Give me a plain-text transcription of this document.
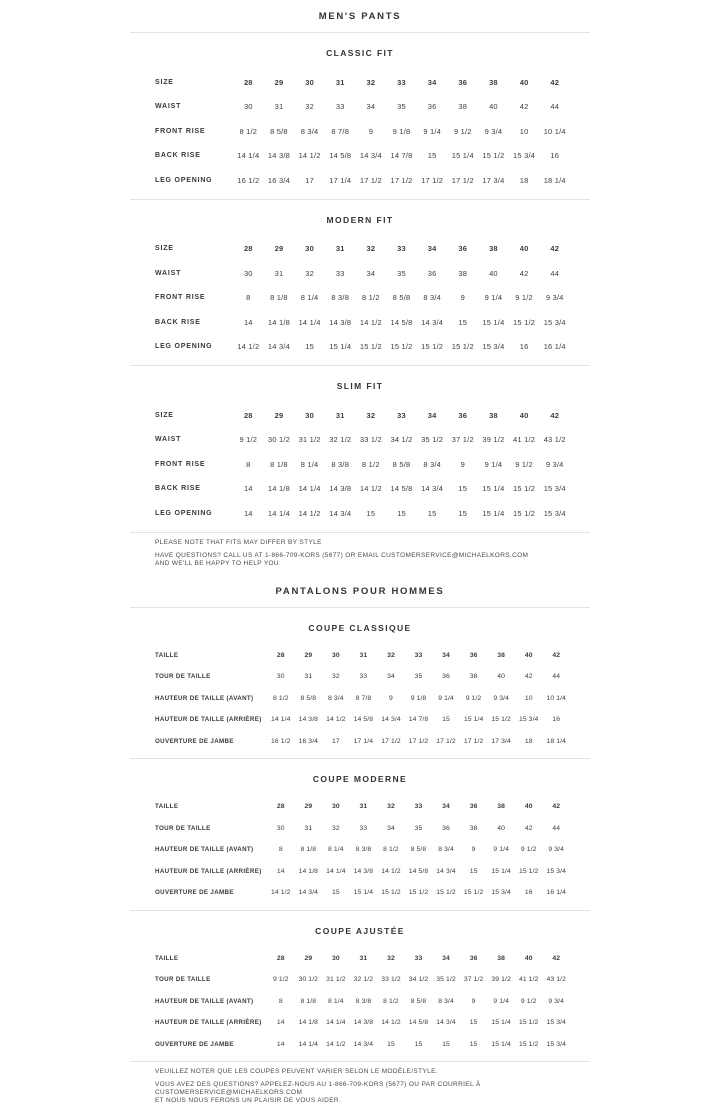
MEN'S PANTS
CLASSIC FIT
SIZE	28	29	30	31	32	33	34	36	38	40	42
WAIST	30	31	32	33	34	35	36	38	40	42	44
FRONT RISE	8 1/2	8 5/8	8 3/4	8 7/8	9	9 1/8	9 1/4	9 1/2	9 3/4	10	10 1/4
BACK RISE	14 1/4	14 3/8	14 1/2	14 5/8	14 3/4	14 7/8	15	15 1/4	15 1/2	15 3/4	16
LEG OPENING	16 1/2	16 3/4	17	17 1/4	17 1/2	17 1/2	17 1/2	17 1/2	17 3/4	18	18 1/4
MODERN FIT
SIZE	28	29	30	31	32	33	34	36	38	40	42
WAIST	30	31	32	33	34	35	36	38	40	42	44
FRONT RISE	8	8 1/8	8 1/4	8 3/8	8 1/2	8 5/8	8 3/4	9	9 1/4	9 1/2	9 3/4
BACK RISE	14	14 1/8	14 1/4	14 3/8	14 1/2	14 5/8	14 3/4	15	15 1/4	15 1/2	15 3/4
LEG OPENING	14 1/2	14 3/4	15	15 1/4	15 1/2	15 1/2	15 1/2	15 1/2	15 3/4	16	16 1/4
SLIM FIT
SIZE	28	29	30	31	32	33	34	36	38	40	42
WAIST	9 1/2	30 1/2	31 1/2	32 1/2	33 1/2	34 1/2	35 1/2	37 1/2	39 1/2	41 1/2	43 1/2
FRONT RISE	8	8 1/8	8 1/4	8 3/8	8 1/2	8 5/8	8 3/4	9	9 1/4	9 1/2	9 3/4
BACK RISE	14	14 1/8	14 1/4	14 3/8	14 1/2	14 5/8	14 3/4	15	15 1/4	15 1/2	15 3/4
LEG OPENING	14	14 1/4	14 1/2	14 3/4	15	15	15	15	15 1/4	15 1/2	15 3/4

PLEASE NOTE THAT FITS MAY DIFFER BY STYLE

HAVE QUESTIONS? CALL US AT 1-866-709-KORS (5677) OR EMAIL CUSTOMERSERVICE@MICHAELKORS.COM
AND WE'LL BE HAPPY TO HELP YOU.

PANTALONS POUR HOMMES
COUPE CLASSIQUE
TAILLE	28	29	30	31	32	33	34	36	38	40	42
TOUR DE TAILLE	30	31	32	33	34	35	36	38	40	42	44
HAUTEUR DE TAILLE (AVANT)	8 1/2	8 5/8	8 3/4	8 7/8	9	9 1/8	9 1/4	9 1/2	9 3/4	10	10 1/4
HAUTEUR DE TAILLE (ARRIÈRE)	14 1/4	14 3/8	14 1/2	14 5/8	14 3/4	14 7/8	15	15 1/4	15 1/2	15 3/4	16
OUVERTURE DE JAMBE	16 1/2	16 3/4	17	17 1/4	17 1/2	17 1/2	17 1/2	17 1/2	17 3/4	18	18 1/4
COUPE MODERNE
TAILLE	28	29	30	31	32	33	34	36	38	40	42
TOUR DE TAILLE	30	31	32	33	34	35	36	38	40	42	44
HAUTEUR DE TAILLE (AVANT)	8	8 1/8	8 1/4	8 3/8	8 1/2	8 5/8	8 3/4	9	9 1/4	9 1/2	9 3/4
HAUTEUR DE TAILLE (ARRIÈRE)	14	14 1/8	14 1/4	14 3/8	14 1/2	14 5/8	14 3/4	15	15 1/4	15 1/2	15 3/4
OUVERTURE DE JAMBE	14 1/2	14 3/4	15	15 1/4	15 1/2	15 1/2	15 1/2	15 1/2	15 3/4	16	16 1/4
COUPE AJUSTÉE
TAILLE	28	29	30	31	32	33	34	36	38	40	42
TOUR DE TAILLE	9 1/2	30 1/2	31 1/2	32 1/2	33 1/2	34 1/2	35 1/2	37 1/2	39 1/2	41 1/2	43 1/2
HAUTEUR DE TAILLE (AVANT)	8	8 1/8	8 1/4	8 3/8	8 1/2	8 5/8	8 3/4	9	9 1/4	9 1/2	9 3/4
HAUTEUR DE TAILLE (ARRIÈRE)	14	14 1/8	14 1/4	14 3/8	14 1/2	14 5/8	14 3/4	15	15 1/4	15 1/2	15 3/4
OUVERTURE DE JAMBE	14	14 1/4	14 1/2	14 3/4	15	15	15	15	15 1/4	15 1/2	15 3/4

VEUILLEZ NOTER QUE LES COUPES PEUVENT VARIER SELON LE MODÈLE/STYLE.

VOUS AVEZ DES QUESTIONS? APPELEZ-NOUS AU 1-866-709-KORS (5677) OU PAR COURRIEL À CUSTOMERSERVICE@MICHAELKORS.COM
ET NOUS NOUS FERONS UN PLAISIR DE VOUS AIDER.
